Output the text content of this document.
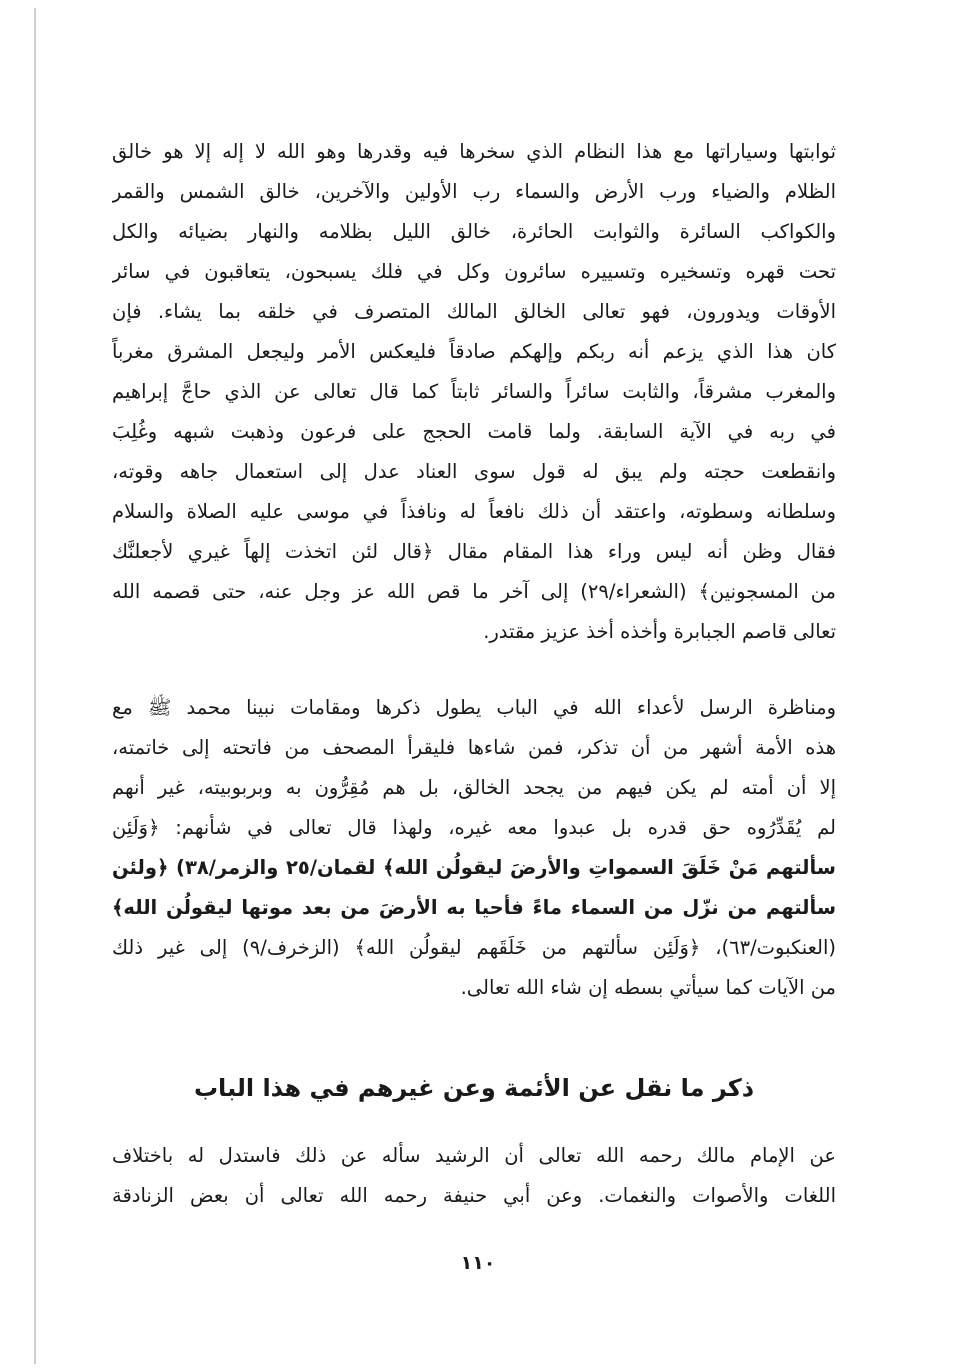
ثوابتها وسياراتها مع هذا النظام الذي سخرها فيه وقدرها وهو الله لا إله إلا هو خالق

الظلام والضياء ورب الأرض والسماء رب الأولين والآخرين، خالق الشمس والقمر

والكواكب السائرة والثوابت الحائرة، خالق الليل بظلامه والنهار بضيائه والكل

تحت قهره وتسخيره وتسييره سائرون وكل في فلك يسبحون، يتعاقبون في سائر

الأوقات ويدورون، فهو تعالى الخالق المالك المتصرف في خلقه بما يشاء. فإن

كان هذا الذي يزعم أنه ربكم وإلهكم صادقاً فليعكس الأمر وليجعل المشرق مغرباً

والمغرب مشرقاً، والثابت سائراً والسائر ثابتاً كما قال تعالى عن الذي حاجَّ إبراهيم

في ربه في الآية السابقة. ولما قامت الحجج على فرعون وذهبت شبهه وغُلِبَ

وانقطعت حجته ولم يبق له قول سوى العناد عدل إلى استعمال جاهه وقوته،

وسلطانه وسطوته، واعتقد أن ذلك نافعاً له ونافذاً في موسى عليه الصلاة والسلام

فقال وظن أنه ليس وراء هذا المقام مقال ﴿قال لئن اتخذت إلهاً غيري لأجعلنَّك

من المسجونين﴾ (الشعراء/٢٩) إلى آخر ما قص الله عز وجل عنه، حتى قصمه الله

تعالى قاصم الجبابرة وأخذه أخذ عزيز مقتدر.

ومناظرة الرسل لأعداء الله في الباب يطول ذكرها ومقامات نبينا محمد ﷺ مع

هذه الأمة أشهر من أن تذكر، فمن شاءها فليقرأ المصحف من فاتحته إلى خاتمته،

إلا أن أمته لم يكن فيهم من يجحد الخالق، بل هم مُقِرُّون به وبربوبيته، غير أنهم

لم يُقَدِّرُوه حق قدره بل عبدوا معه غيره، ولهذا قال تعالى في شأنهم: ﴿وَلَئِن

سألتهم مَنْ خَلَقَ السمواتِ والأرضَ ليقولُن الله﴾ لقمان/٢٥ والزمر/٣٨) ﴿ولئن

سألتهم من نزّل من السماء ماءً فأحيا به الأرضَ من بعد موتها ليقولُن الله﴾

(العنكبوت/٦٣)، ﴿وَلَئِن سألتهم من خَلَقَهم ليقولُن الله﴾ (الزخرف/٩) إلى غير ذلك

من الآيات كما سيأتي بسطه إن شاء الله تعالى.

ذكر ما نقل عن الأئمة وعن غيرهم في هذا الباب

عن الإمام مالك رحمه الله تعالى أن الرشيد سأله عن ذلك فاستدل له باختلاف

اللغات والأصوات والنغمات. وعن أبي حنيفة رحمه الله تعالى أن بعض الزنادقة

١١٠
